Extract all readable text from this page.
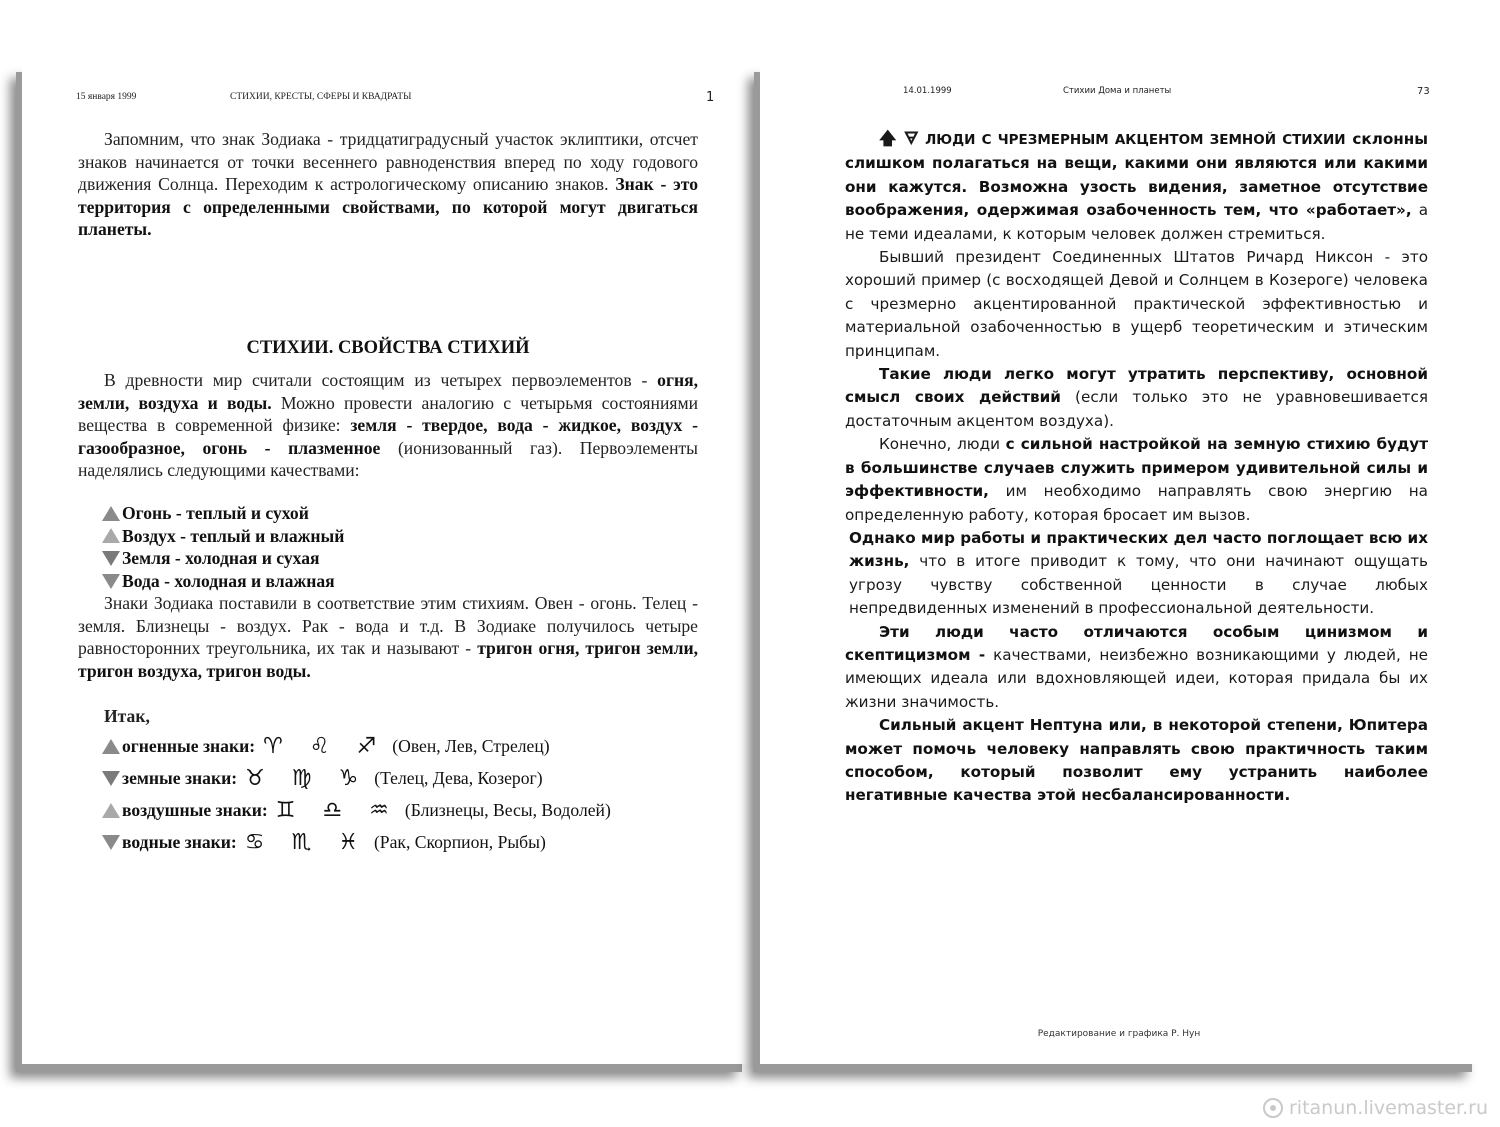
15 января 1999	СТИХИИ, КРЕСТЫ, СФЕРЫ И КВАДРАТЫ	1

Запомним, что знак Зодиака - тридцатиградусный участок эклиптики, отсчет знаков начинается от точки весеннего равноденствия вперед по ходу годового движения Солнца. Переходим к астрологическому описанию знаков. Знак - это территория с определенными свойствами, по которой могут двигаться планеты.

СТИХИИ. СВОЙСТВА СТИХИЙ

В древности мир считали состоящим из четырех первоэлементов - огня, земли, воздуха и воды. Можно провести аналогию с четырьмя состояниями вещества в современной физике: земля - твердое, вода - жидкое, воздух - газообразное, огонь - плазменное (ионизованный газ). Первоэлементы наделялись следующими качествами:

Огонь - теплый и сухой
Воздух - теплый и влажный
Земля - холодная и сухая
Вода - холодная и влажная

Знаки Зодиака поставили в соответствие этим стихиям. Овен - огонь. Телец - земля. Близнецы - воздух. Рак - вода и т.д. В Зодиаке получилось четыре равносторонних треугольника, их так и называют - тригон огня, тригон земли, тригон воздуха, тригон воды.

Итак,

огненные знаки: ♈ ♌ ♐ (Овен, Лев, Стрелец)
земные знаки: ♉ ♍ ♑ (Телец, Дева, Козерог)
воздушные знаки: ♊ ♎ ♒ (Близнецы, Весы, Водолей)
водные знаки: ♋ ♏ ♓ (Рак, Скорпион, Рыбы)
14.01.1999	Стихии Дома и планеты	73

🡅 🜃 ЛЮДИ С ЧРЕЗМЕРНЫМ АКЦЕНТОМ ЗЕМНОЙ СТИХИИ склонны слишком полагаться на вещи, какими они являются или какими они кажутся. Возможна узость видения, заметное отсутствие воображения, одержимая озабоченность тем, что «работает», а не теми идеалами, к которым человек должен стремиться.

Бывший президент Соединенных Штатов Ричард Никсон - это хороший пример (с восходящей Девой и Солнцем в Козероге) человека с чрезмерно акцентированной практической эффективностью и материальной озабоченностью в ущерб теоретическим и этическим принципам.

Такие люди легко могут утратить перспективу, основной смысл своих действий (если только это не уравновешивается достаточным акцентом воздуха).

Конечно, люди с сильной настройкой на земную стихию будут в большинстве случаев служить примером удивительной силы и эффективности, им необходимо направлять свою энергию на определенную работу, которая бросает им вызов.

Однако мир работы и практических дел часто поглощает всю их жизнь, что в итоге приводит к тому, что они начинают ощущать угрозу чувству собственной ценности в случае любых непредвиденных изменений в профессиональной деятельности.

Эти люди часто отличаются особым цинизмом и скептицизмом - качествами, неизбежно возникающими у людей, не имеющих идеала или вдохновляющей идеи, которая придала бы их жизни значимость.

Сильный акцент Нептуна или, в некоторой степени, Юпитера может помочь человеку направлять свою практичность таким способом, который позволит ему устранить наиболее негативные качества этой несбалансированности.

Редактирование и графика Р. Нун
ritanun.livemaster.ru
